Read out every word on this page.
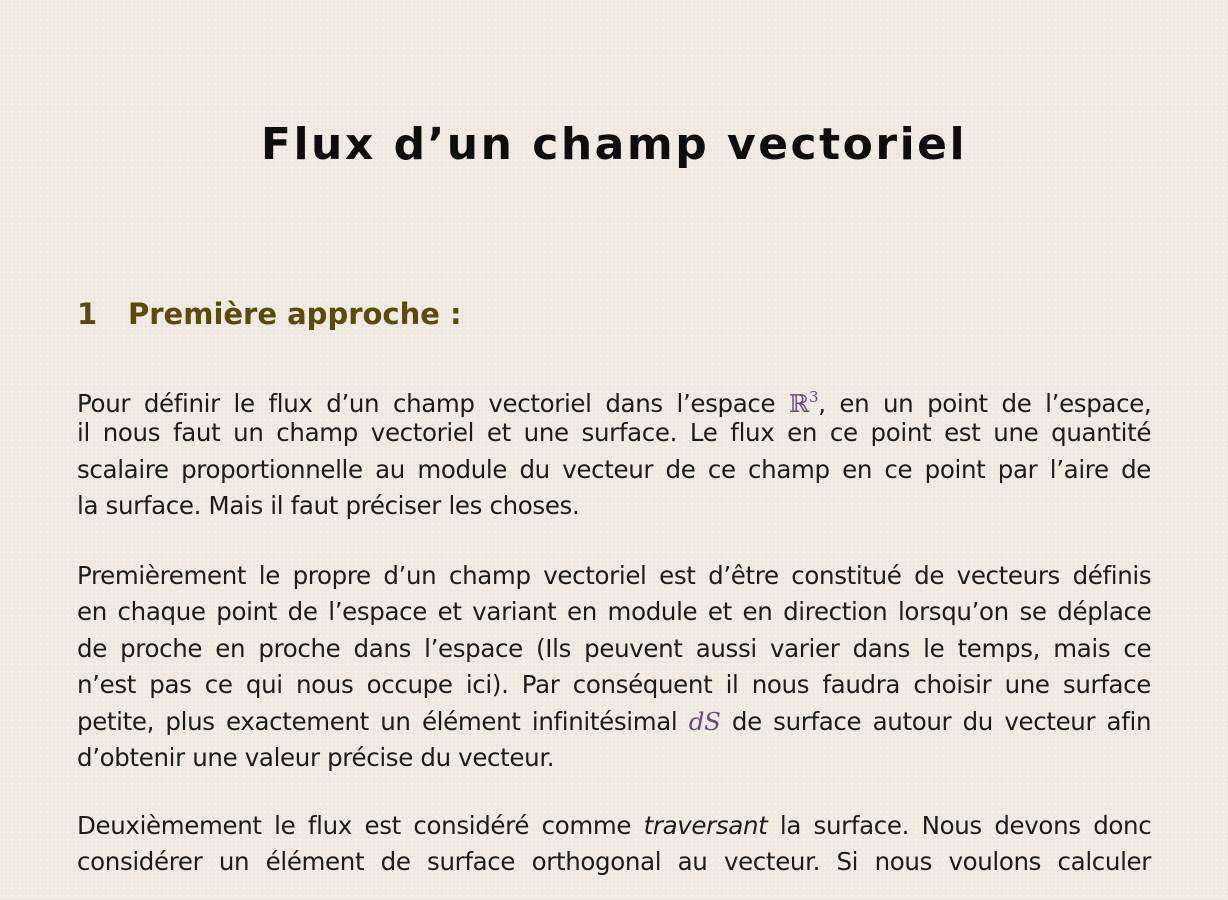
Flux d’un champ vectoriel
1 Première approche :
Pour définir le flux d’un champ vectoriel dans l’espace ℝ$^3$, en un point de l’espace,
il nous faut un champ vectoriel et une surface. Le flux en ce point est une quantité
scalaire proportionnelle au module du vecteur de ce champ en ce point par l’aire de
la surface. Mais il faut préciser les choses.
Premièrement le propre d’un champ vectoriel est d’être constitué de vecteurs définis
en chaque point de l’espace et variant en module et en direction lorsqu’on se déplace
de proche en proche dans l’espace (Ils peuvent aussi varier dans le temps, mais ce
n’est pas ce qui nous occupe ici). Par conséquent il nous faudra choisir une surface
petite, plus exactement un élément infinitésimal dS de surface autour du vecteur afin
d’obtenir une valeur précise du vecteur.
Deuxièmement le flux est considéré comme traversant la surface. Nous devons donc
considérer un élément de surface orthogonal au vecteur. Si nous voulons calculer
